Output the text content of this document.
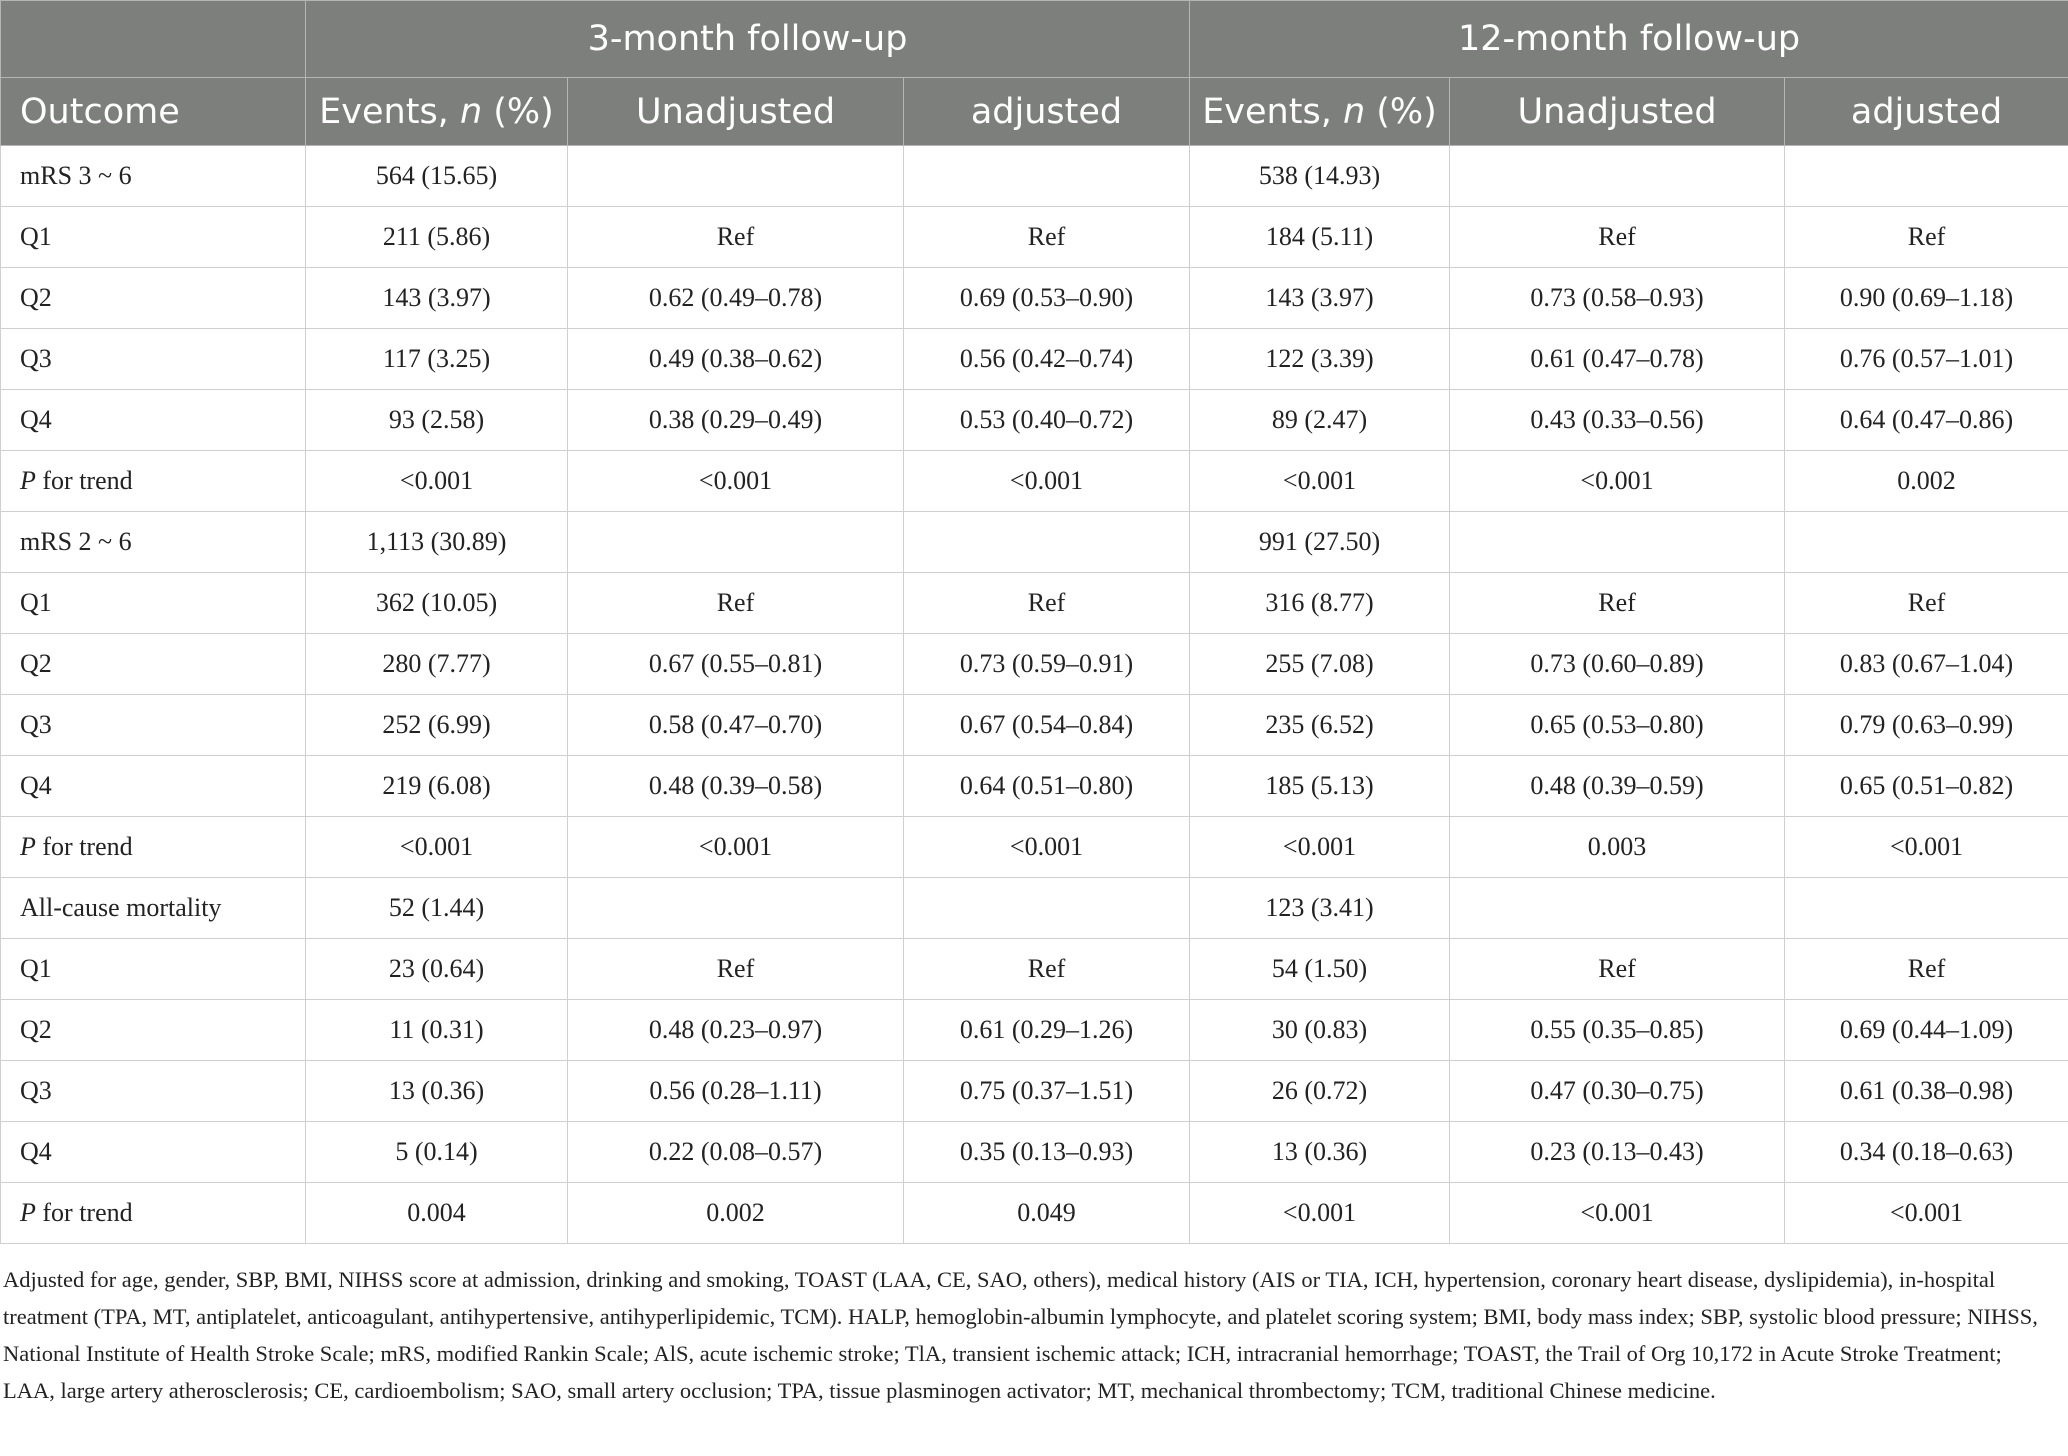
	3-month follow-up			12-month follow-up		
Outcome	Events, n (%)	Unadjusted	adjusted	Events, n (%)	Unadjusted	adjusted
mRS 3 ~ 6	564 (15.65)			538 (14.93)		
Q1	211 (5.86)	Ref	Ref	184 (5.11)	Ref	Ref
Q2	143 (3.97)	0.62 (0.49–0.78)	0.69 (0.53–0.90)	143 (3.97)	0.73 (0.58–0.93)	0.90 (0.69–1.18)
Q3	117 (3.25)	0.49 (0.38–0.62)	0.56 (0.42–0.74)	122 (3.39)	0.61 (0.47–0.78)	0.76 (0.57–1.01)
Q4	93 (2.58)	0.38 (0.29–0.49)	0.53 (0.40–0.72)	89 (2.47)	0.43 (0.33–0.56)	0.64 (0.47–0.86)
P for trend	<0.001	<0.001	<0.001	<0.001	<0.001	0.002
mRS 2 ~ 6	1,113 (30.89)			991 (27.50)		
Q1	362 (10.05)	Ref	Ref	316 (8.77)	Ref	Ref
Q2	280 (7.77)	0.67 (0.55–0.81)	0.73 (0.59–0.91)	255 (7.08)	0.73 (0.60–0.89)	0.83 (0.67–1.04)
Q3	252 (6.99)	0.58 (0.47–0.70)	0.67 (0.54–0.84)	235 (6.52)	0.65 (0.53–0.80)	0.79 (0.63–0.99)
Q4	219 (6.08)	0.48 (0.39–0.58)	0.64 (0.51–0.80)	185 (5.13)	0.48 (0.39–0.59)	0.65 (0.51–0.82)
P for trend	<0.001	<0.001	<0.001	<0.001	0.003	<0.001
All-cause mortality	52 (1.44)			123 (3.41)		
Q1	23 (0.64)	Ref	Ref	54 (1.50)	Ref	Ref
Q2	11 (0.31)	0.48 (0.23–0.97)	0.61 (0.29–1.26)	30 (0.83)	0.55 (0.35–0.85)	0.69 (0.44–1.09)
Q3	13 (0.36)	0.56 (0.28–1.11)	0.75 (0.37–1.51)	26 (0.72)	0.47 (0.30–0.75)	0.61 (0.38–0.98)
Q4	5 (0.14)	0.22 (0.08–0.57)	0.35 (0.13–0.93)	13 (0.36)	0.23 (0.13–0.43)	0.34 (0.18–0.63)
P for trend	0.004	0.002	0.049	<0.001	<0.001	<0.001
Adjusted for age, gender, SBP, BMI, NIHSS score at admission, drinking and smoking, TOAST (LAA, CE, SAO, others), medical history (AIS or TIA, ICH, hypertension, coronary heart disease, dyslipidemia), in-hospital treatment (TPA, MT, antiplatelet, anticoagulant, antihypertensive, antihyperlipidemic, TCM). HALP, hemoglobin-albumin lymphocyte, and platelet scoring system; BMI, body mass index; SBP, systolic blood pressure; NIHSS, National Institute of Health Stroke Scale; mRS, modified Rankin Scale; AlS, acute ischemic stroke; TlA, transient ischemic attack; ICH, intracranial hemorrhage; TOAST, the Trail of Org 10,172 in Acute Stroke Treatment; LAA, large artery atherosclerosis; CE, cardioembolism; SAO, small artery occlusion; TPA, tissue plasminogen activator; MT, mechanical thrombectomy; TCM, traditional Chinese medicine.
